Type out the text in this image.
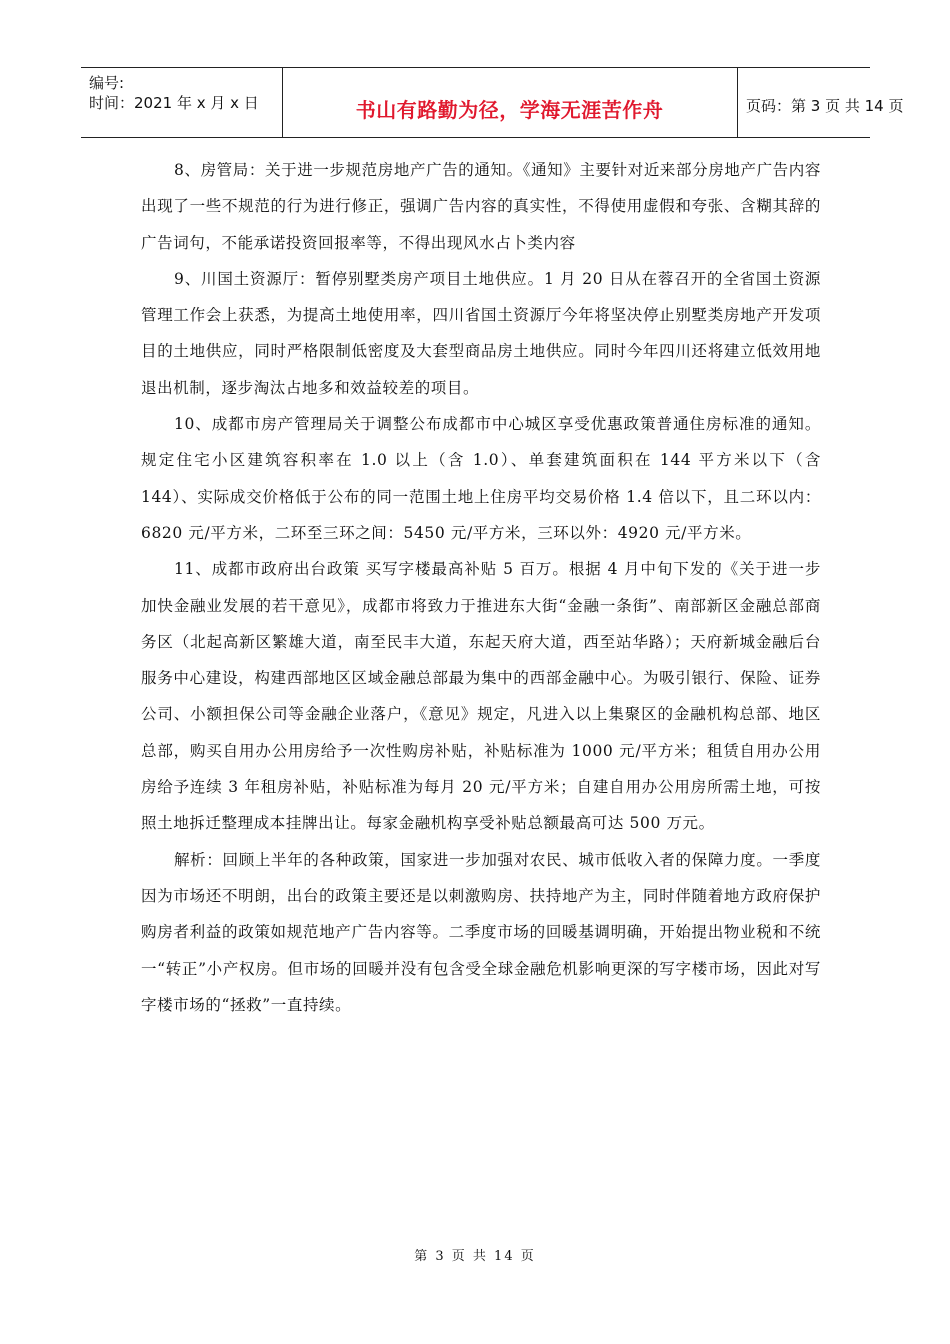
编号:
时间：2021 年 x 月 x 日	书山有路勤为径，学海无涯苦作舟	页码：第 3 页 共 14 页

8、房管局：关于进一步规范房地产广告的通知。《通知》主要针对近来部分房地产广告内容出现了一些不规范的行为进行修正，强调广告内容的真实性，不得使用虚假和夸张、含糊其辞的广告词句，不能承诺投资回报率等，不得出现风水占卜类内容

9、川国土资源厅：暂停别墅类房产项目土地供应。1 月 20 日从在蓉召开的全省国土资源管理工作会上获悉，为提高土地使用率，四川省国土资源厅今年将坚决停止别墅类房地产开发项目的土地供应，同时严格限制低密度及大套型商品房土地供应。同时今年四川还将建立低效用地退出机制，逐步淘汰占地多和效益较差的项目。

10、成都市房产管理局关于调整公布成都市中心城区享受优惠政策普通住房标准的通知。规定住宅小区建筑容积率在 1.0 以上（含 1.0）、单套建筑面积在 144 平方米以下（含 144）、实际成交价格低于公布的同一范围土地上住房平均交易价格 1.4 倍以下，且二环以内：6820 元/平方米，二环至三环之间：5450 元/平方米，三环以外：4920 元/平方米。

11、成都市政府出台政策 买写字楼最高补贴 5 百万。根据 4 月中旬下发的《关于进一步加快金融业发展的若干意见》，成都市将致力于推进东大街“金融一条街”、南部新区金融总部商务区（北起高新区繁雄大道，南至民丰大道，东起天府大道，西至站华路）；天府新城金融后台服务中心建设，构建西部地区区域金融总部最为集中的西部金融中心。为吸引银行、保险、证券公司、小额担保公司等金融企业落户，《意见》规定，凡进入以上集聚区的金融机构总部、地区总部，购买自用办公用房给予一次性购房补贴，补贴标准为 1000 元/平方米；租赁自用办公用房给予连续 3 年租房补贴，补贴标准为每月 20 元/平方米；自建自用办公用房所需土地，可按照土地拆迁整理成本挂牌出让。每家金融机构享受补贴总额最高可达 500 万元。

解析：回顾上半年的各种政策，国家进一步加强对农民、城市低收入者的保障力度。一季度因为市场还不明朗，出台的政策主要还是以刺激购房、扶持地产为主，同时伴随着地方政府保护购房者利益的政策如规范地产广告内容等。二季度市场的回暖基调明确，开始提出物业税和不统一“转正”小产权房。但市场的回暖并没有包含受全球金融危机影响更深的写字楼市场，因此对写字楼市场的“拯救”一直持续。

第 3 页 共 14 页
